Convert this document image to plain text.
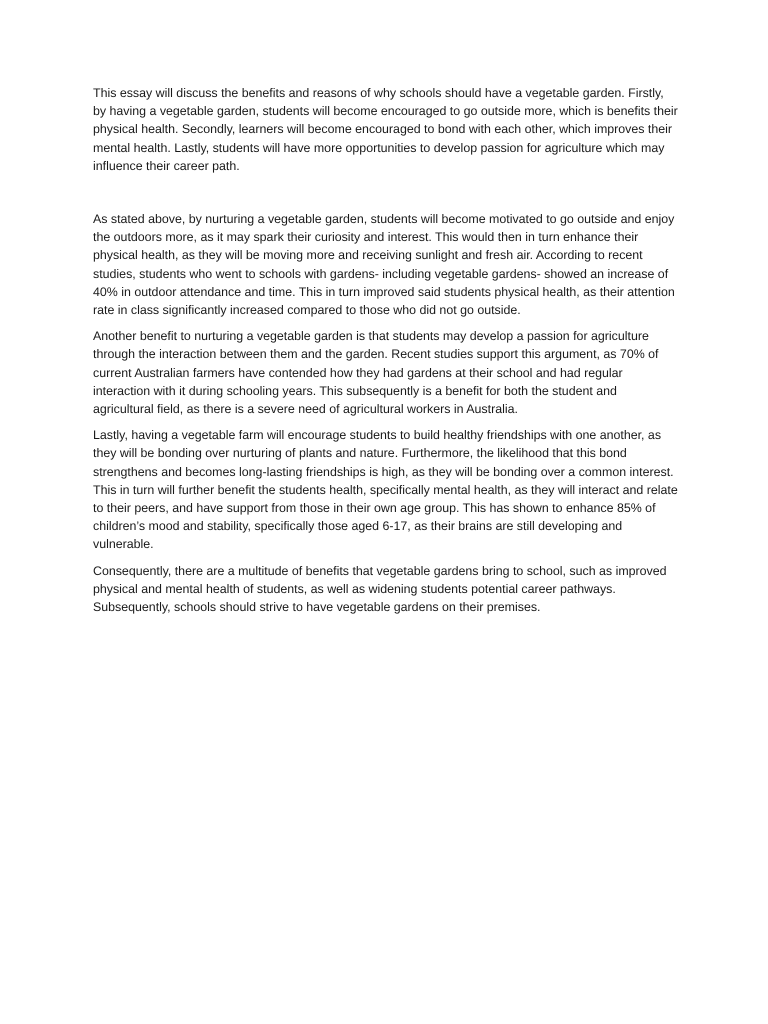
This essay will discuss the benefits and reasons of why schools should have a vegetable garden. Firstly, by having a vegetable garden, students will become encouraged to go outside more, which is benefits their physical health. Secondly, learners will become encouraged to bond with each other, which improves their mental health. Lastly, students will have more opportunities to develop passion for agriculture which may influence their career path.

As stated above, by nurturing a vegetable garden, students will become motivated to go outside and enjoy the outdoors more, as it may spark their curiosity and interest. This would then in turn enhance their physical health, as they will be moving more and receiving sunlight and fresh air. According to recent studies, students who went to schools with gardens- including vegetable gardens- showed an increase of 40% in outdoor attendance and time. This in turn improved said students physical health, as their attention rate in class significantly increased compared to those who did not go outside.

Another benefit to nurturing a vegetable garden is that students may develop a passion for agriculture through the interaction between them and the garden. Recent studies support this argument, as 70% of current Australian farmers have contended how they had gardens at their school and had regular interaction with it during schooling years. This subsequently is a benefit for both the student and agricultural field, as there is a severe need of agricultural workers in Australia.

Lastly, having a vegetable farm will encourage students to build healthy friendships with one another, as they will be bonding over nurturing of plants and nature. Furthermore, the likelihood that this bond strengthens and becomes long-lasting friendships is high, as they will be bonding over a common interest. This in turn will further benefit the students health, specifically mental health, as they will interact and relate to their peers, and have support from those in their own age group. This has shown to enhance 85% of children’s mood and stability, specifically those aged 6-17, as their brains are still developing and vulnerable.

Consequently, there are a multitude of benefits that vegetable gardens bring to school, such as improved physical and mental health of students, as well as widening students potential career pathways. Subsequently, schools should strive to have vegetable gardens on their premises.
